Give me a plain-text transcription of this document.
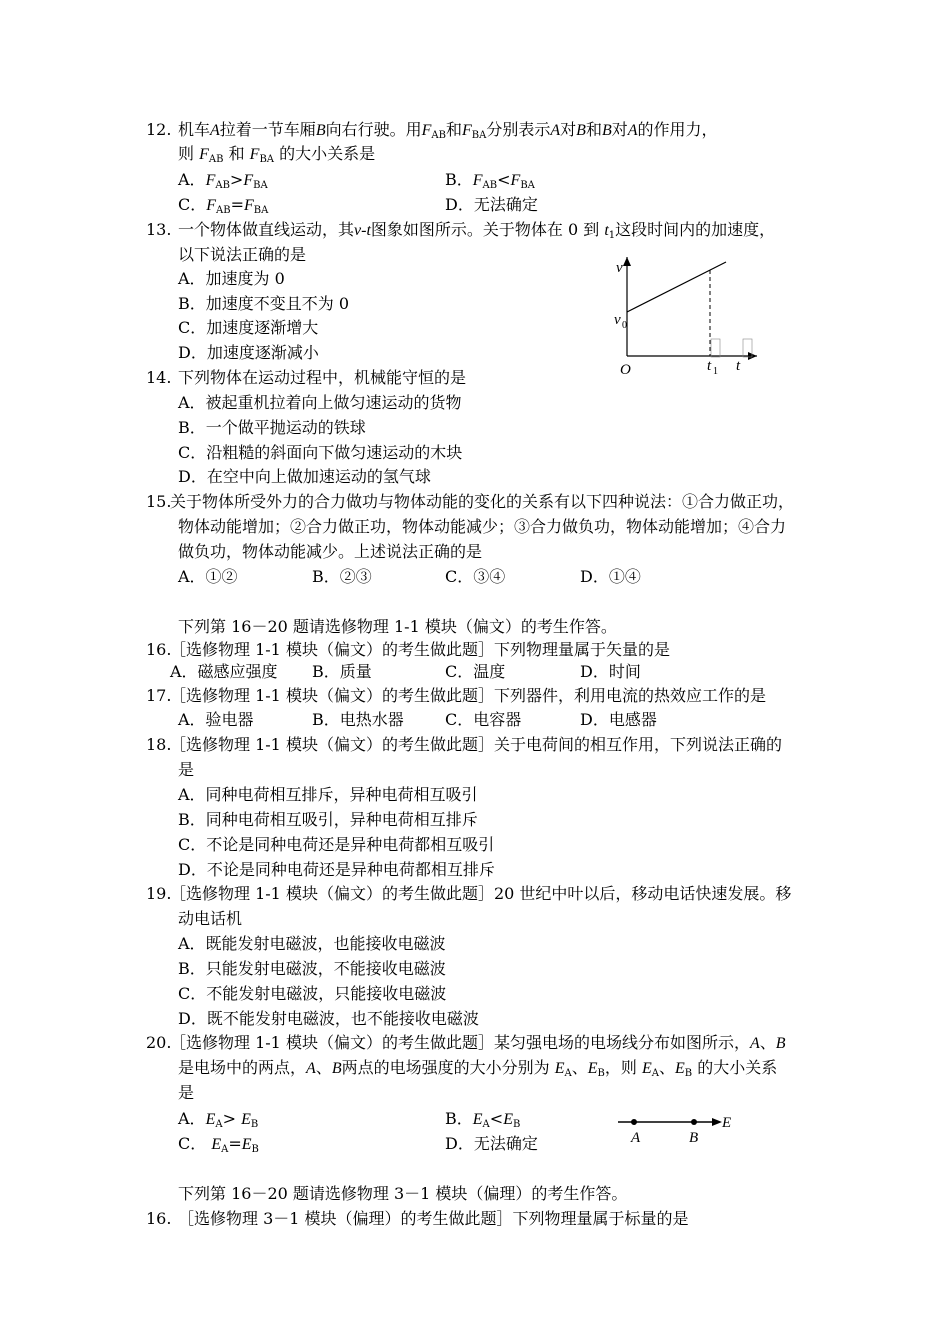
12. 机车A拉着一节车厢B向右行驶。用$F_{AB}$和$F_{BA}$分别表示A对B和B对A的作用力，
则 $F_{AB}$ 和 $F_{BA}$ 的大小关系是
A．$F_{AB}>F_{BA}$	B．$F_{AB}<F_{BA}$
C．$F_{AB}=F_{BA}$	D．无法确定
13. 一个物体做直线运动，其v-t图象如图所示。关于物体在 0 到 $t_1$这段时间内的加速度，
以下说法正确的是
A．加速度为 0
B．加速度不变且不为 0
C．加速度逐渐增大
D．加速度逐渐减小
v
v 0
O	t 1 t
14. 下列物体在运动过程中，机械能守恒的是
A．被起重机拉着向上做匀速运动的货物
B．一个做平抛运动的铁球
C．沿粗糙的斜面向下做匀速运动的木块
D．在空中向上做加速运动的氢气球
15.
关于物体所受外力的合力做功与物体动能的变化的关系有以下四种说法：①合力做正功，
物体动能增加；②合力做正功，物体动能减少；③合力做负功，物体动能增加；④合力
做负功，物体动能减少。上述说法正确的是
A．①②	B．②③	C．③④	D．①④
下列第 16－20 题请选修物理 1-1 模块（偏文）的考生作答。
16.
［选修物理 1-1 模块（偏文）的考生做此题］下列物理量属于矢量的是
A．磁感应强度 B．质量	C．温度	D．时间
17.
［选修物理 1-1 模块（偏文）的考生做此题］下列器件，利用电流的热效应工作的是
A．验电器	B．电热水器	C．电容器	D．电感器
18.
［选修物理 1-1 模块（偏文）的考生做此题］关于电荷间的相互作用，下列说法正确的
是
A．同种电荷相互排斥，异种电荷相互吸引
B．同种电荷相互吸引，异种电荷相互排斥
C．不论是同种电荷还是异种电荷都相互吸引
D．不论是同种电荷还是异种电荷都相互排斥
19.
［选修物理 1-1 模块（偏文）的考生做此题］20 世纪中叶以后，移动电话快速发展。移
动电话机
A．既能发射电磁波，也能接收电磁波
B．只能发射电磁波，不能接收电磁波
C．不能发射电磁波，只能接收电磁波
D．既不能发射电磁波，也不能接收电磁波
20.
［选修物理 1-1 模块（偏文）的考生做此题］某匀强电场的电场线分布如图所示，A、B
是电场中的两点，A、B两点的电场强度的大小分别为 $E_A$、$E_B$，则 $E_A$、$E_B$ 的大小关系
是
A．$E_A> E_B$	B．$E_A<E_B$
C． $E_A=E_B$	D．无法确定	A	B
E
下列第 16－20 题请选修物理 3－1 模块（偏理）的考生作答。
16. ［选修物理 3－1 模块（偏理）的考生做此题］下列物理量属于标量的是
